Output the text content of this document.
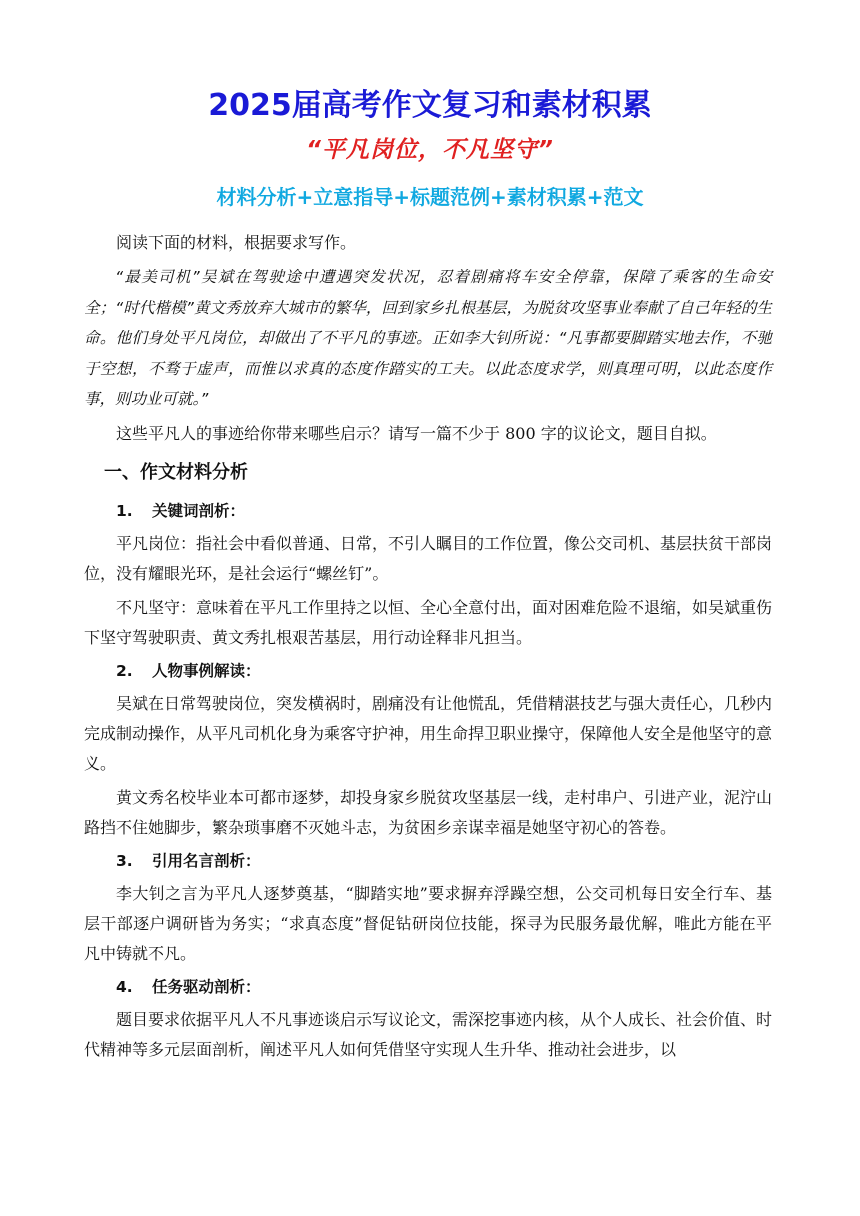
2025届高考作文复习和素材积累
“平凡岗位，不凡坚守”
材料分析+立意指导+标题范例+素材积累+范文

阅读下面的材料，根据要求写作。

“最美司机”吴斌在驾驶途中遭遇突发状况，忍着剧痛将车安全停靠，保障了乘客的生命安全；“时代楷模”黄文秀放弃大城市的繁华，回到家乡扎根基层，为脱贫攻坚事业奉献了自己年轻的生命。他们身处平凡岗位，却做出了不平凡的事迹。正如李大钊所说：“凡事都要脚踏实地去作，不驰于空想，不骛于虚声，而惟以求真的态度作踏实的工夫。以此态度求学，则真理可明，以此态度作事，则功业可就。”

这些平凡人的事迹给你带来哪些启示？请写一篇不少于 800 字的议论文，题目自拟。

一、作文材料分析
1. 关键词剖析：

平凡岗位：指社会中看似普通、日常，不引人瞩目的工作位置，像公交司机、基层扶贫干部岗位，没有耀眼光环，是社会运行“螺丝钉”。

不凡坚守：意味着在平凡工作里持之以恒、全心全意付出，面对困难危险不退缩，如吴斌重伤下坚守驾驶职责、黄文秀扎根艰苦基层，用行动诠释非凡担当。

2. 人物事例解读：

吴斌在日常驾驶岗位，突发横祸时，剧痛没有让他慌乱，凭借精湛技艺与强大责任心，几秒内完成制动操作，从平凡司机化身为乘客守护神，用生命捍卫职业操守，保障他人安全是他坚守的意义。

黄文秀名校毕业本可都市逐梦，却投身家乡脱贫攻坚基层一线，走村串户、引进产业，泥泞山路挡不住她脚步，繁杂琐事磨不灭她斗志，为贫困乡亲谋幸福是她坚守初心的答卷。

3. 引用名言剖析：

李大钊之言为平凡人逐梦奠基，“脚踏实地”要求摒弃浮躁空想，公交司机每日安全行车、基层干部逐户调研皆为务实；“求真态度”督促钻研岗位技能，探寻为民服务最优解，唯此方能在平凡中铸就不凡。

4. 任务驱动剖析：

题目要求依据平凡人不凡事迹谈启示写议论文，需深挖事迹内核，从个人成长、社会价值、时代精神等多元层面剖析，阐述平凡人如何凭借坚守实现人生升华、推动社会进步，以
